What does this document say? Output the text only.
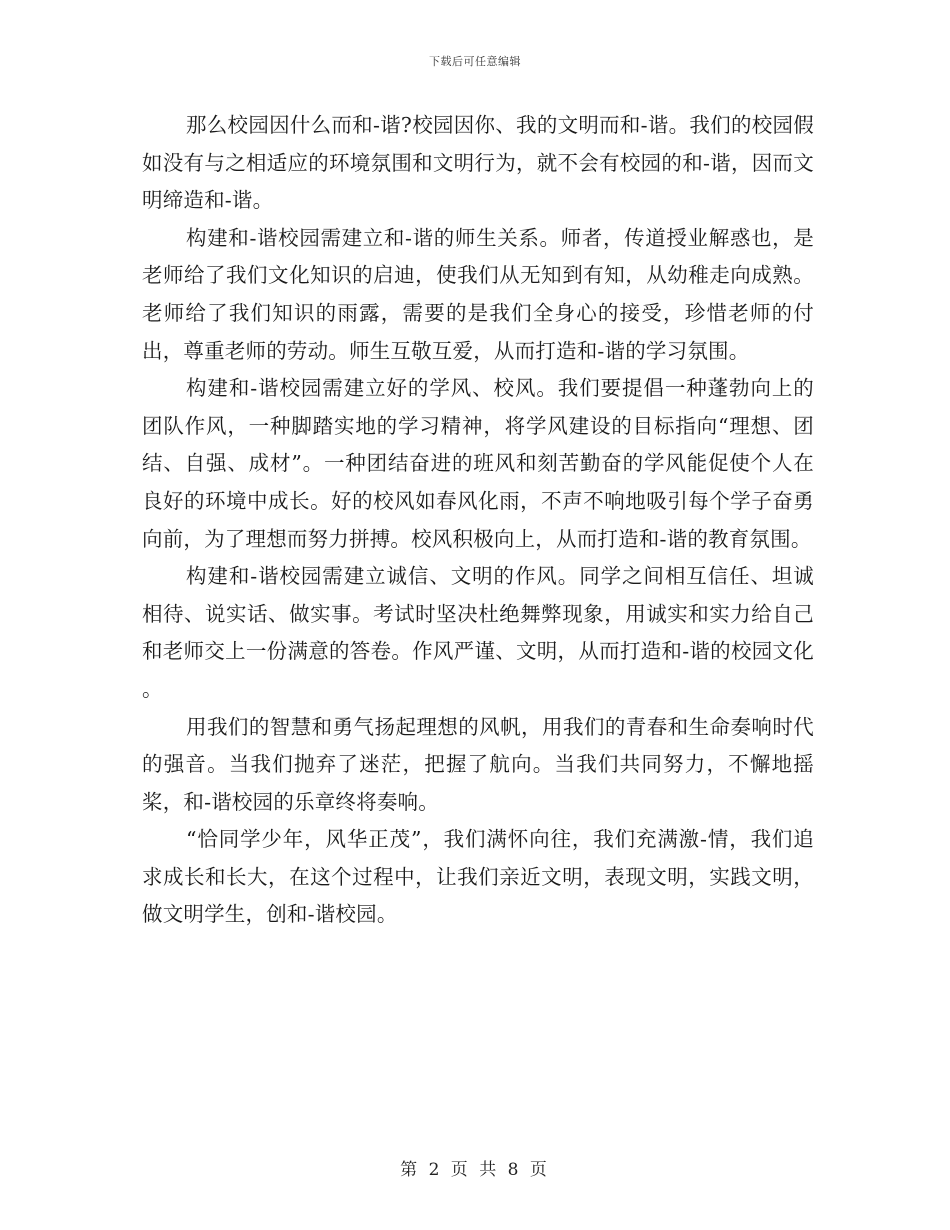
下载后可任意编辑

那么校园因什么而和-谐?校园因你、我的文明而和-谐。我们的校园假如没有与之相适应的环境氛围和文明行为，就不会有校园的和-谐，因而文明缔造和-谐。

构建和-谐校园需建立和-谐的师生关系。师者，传道授业解惑也，是老师给了我们文化知识的启迪，使我们从无知到有知，从幼稚走向成熟。老师给了我们知识的雨露，需要的是我们全身心的接受，珍惜老师的付出，尊重老师的劳动。师生互敬互爱，从而打造和-谐的学习氛围。

构建和-谐校园需建立好的学风、校风。我们要提倡一种蓬勃向上的团队作风，一种脚踏实地的学习精神，将学风建设的目标指向“理想、团结、自强、成材”。一种团结奋进的班风和刻苦勤奋的学风能促使个人在良好的环境中成长。好的校风如春风化雨，不声不响地吸引每个学子奋勇向前，为了理想而努力拼搏。校风积极向上，从而打造和-谐的教育氛围。

构建和-谐校园需建立诚信、文明的作风。同学之间相互信任、坦诚相待、说实话、做实事。考试时坚决杜绝舞弊现象，用诚实和实力给自己和老师交上一份满意的答卷。作风严谨、文明，从而打造和-谐的校园文化 。

用我们的智慧和勇气扬起理想的风帆，用我们的青春和生命奏响时代的强音。当我们抛弃了迷茫，把握了航向。当我们共同努力，不懈地摇桨，和-谐校园的乐章终将奏响。

“恰同学少年，风华正茂”，我们满怀向往，我们充满激-情，我们追求成长和长大，在这个过程中，让我们亲近文明，表现文明，实践文明，做文明学生，创和-谐校园。

第 2 页 共 8 页
